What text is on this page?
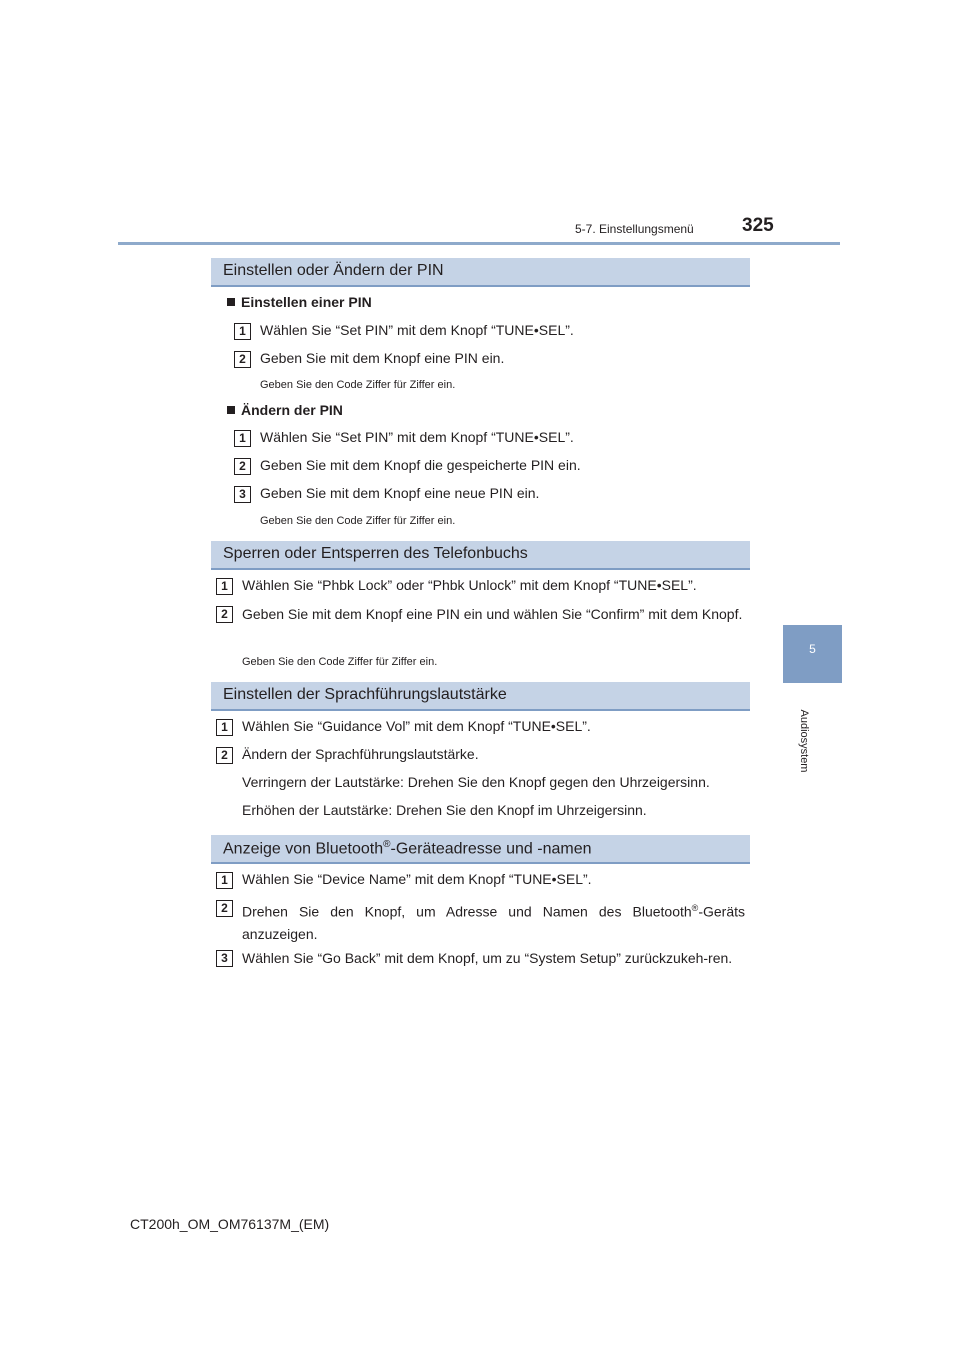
5-7. Einstellungsmenü	325
5
Audiosystem
Einstellen oder Ändern der PIN
Einstellen einer PIN
1	Wählen Sie “Set PIN” mit dem Knopf “TUNE•SEL”.
2	Geben Sie mit dem Knopf eine PIN ein.
Geben Sie den Code Ziffer für Ziffer ein.
Ändern der PIN
1	Wählen Sie “Set PIN” mit dem Knopf “TUNE•SEL”.
2	Geben Sie mit dem Knopf die gespeicherte PIN ein.
3	Geben Sie mit dem Knopf eine neue PIN ein.
Geben Sie den Code Ziffer für Ziffer ein.
Sperren oder Entsperren des Telefonbuchs
1	Wählen Sie “Phbk Lock” oder “Phbk Unlock” mit dem Knopf “TUNE•SEL”.
2	Geben Sie mit dem Knopf eine PIN ein und wählen Sie “Confirm” mit dem Knopf.
Geben Sie den Code Ziffer für Ziffer ein.
Einstellen der Sprachführungslautstärke
1	Wählen Sie “Guidance Vol” mit dem Knopf “TUNE•SEL”.
2	Ändern der Sprachführungslautstärke.
Verringern der Lautstärke: Drehen Sie den Knopf gegen den Uhrzeigersinn.
Erhöhen der Lautstärke: Drehen Sie den Knopf im Uhrzeigersinn.
Anzeige von Bluetooth®-Geräteadresse und -namen
1	Wählen Sie “Device Name” mit dem Knopf “TUNE•SEL”.
2	Drehen Sie den Knopf, um Adresse und Namen des Bluetooth®-Geräts anzuzeigen.
3	Wählen Sie “Go Back” mit dem Knopf, um zu “System Setup” zurückzukeh-ren.
CT200h_OM_OM76137M_(EM)
